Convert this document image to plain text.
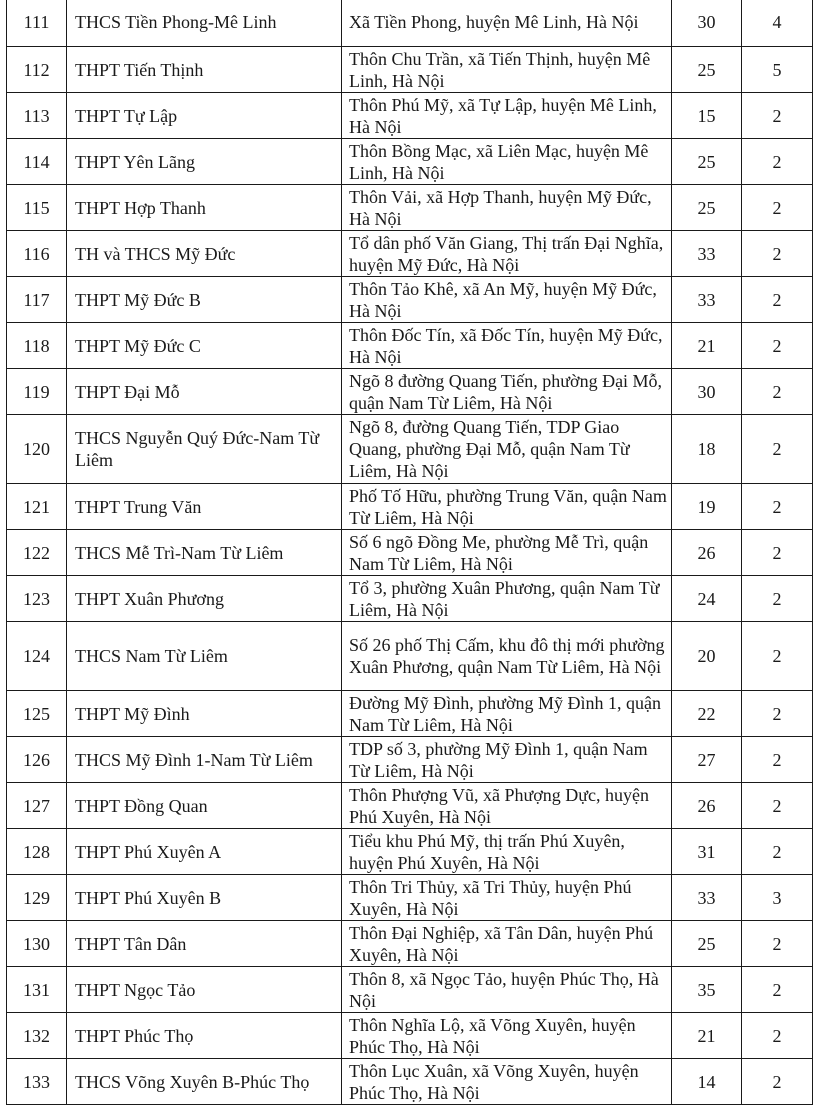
111	THCS Tiền Phong-Mê Linh	Xã Tiền Phong, huyện Mê Linh, Hà Nội	30	4
112	THPT Tiến Thịnh	Thôn Chu Trần, xã Tiến Thịnh, huyện Mê Linh, Hà Nội	25	5
113	THPT Tự Lập	Thôn Phú Mỹ, xã Tự Lập, huyện Mê Linh, Hà Nội	15	2
114	THPT Yên Lãng	Thôn Bồng Mạc, xã Liên Mạc, huyện Mê Linh, Hà Nội	25	2
115	THPT Hợp Thanh	Thôn Vải, xã Hợp Thanh, huyện Mỹ Đức, Hà Nội	25	2
116	TH và THCS Mỹ Đức	Tổ dân phố Văn Giang, Thị trấn Đại Nghĩa, huyện Mỹ Đức, Hà Nội	33	2
117	THPT Mỹ Đức B	Thôn Tảo Khê, xã An Mỹ, huyện Mỹ Đức, Hà Nội	33	2
118	THPT Mỹ Đức C	Thôn Đốc Tín, xã Đốc Tín, huyện Mỹ Đức, Hà Nội	21	2
119	THPT Đại Mỗ	Ngõ 8 đường Quang Tiến, phường Đại Mỗ, quận Nam Từ Liêm, Hà Nội	30	2
120	THCS Nguyễn Quý Đức-Nam Từ Liêm	Ngõ 8, đường Quang Tiến, TDP Giao Quang, phường Đại Mỗ, quận Nam Từ Liêm, Hà Nội	18	2
121	THPT Trung Văn	Phố Tố Hữu, phường Trung Văn, quận Nam Từ Liêm, Hà Nội	19	2
122	THCS Mễ Trì-Nam Từ Liêm	Số 6 ngõ Đồng Me, phường Mễ Trì, quận Nam Từ Liêm, Hà Nội	26	2
123	THPT Xuân Phương	Tổ 3, phường Xuân Phương, quận Nam Từ Liêm, Hà Nội	24	2
124	THCS Nam Từ Liêm	Số 26 phố Thị Cấm, khu đô thị mới phường Xuân Phương, quận Nam Từ Liêm, Hà Nội	20	2
125	THPT Mỹ Đình	Đường Mỹ Đình, phường Mỹ Đình 1, quận Nam Từ Liêm, Hà Nội	22	2
126	THCS Mỹ Đình 1-Nam Từ Liêm	TDP số 3, phường Mỹ Đình 1, quận Nam Từ Liêm, Hà Nội	27	2
127	THPT Đồng Quan	Thôn Phượng Vũ, xã Phượng Dực, huyện Phú Xuyên, Hà Nội	26	2
128	THPT Phú Xuyên A	Tiểu khu Phú Mỹ, thị trấn Phú Xuyên, huyện Phú Xuyên, Hà Nội	31	2
129	THPT Phú Xuyên B	Thôn Tri Thủy, xã Tri Thủy, huyện Phú Xuyên, Hà Nội	33	3
130	THPT Tân Dân	Thôn Đại Nghiệp, xã Tân Dân, huyện Phú Xuyên, Hà Nội	25	2
131	THPT Ngọc Tảo	Thôn 8, xã Ngọc Tảo, huyện Phúc Thọ, Hà Nội	35	2
132	THPT Phúc Thọ	Thôn Nghĩa Lộ, xã Võng Xuyên, huyện Phúc Thọ, Hà Nội	21	2
133	THCS Võng Xuyên B-Phúc Thọ	Thôn Lục Xuân, xã Võng Xuyên, huyện Phúc Thọ, Hà Nội	14	2
